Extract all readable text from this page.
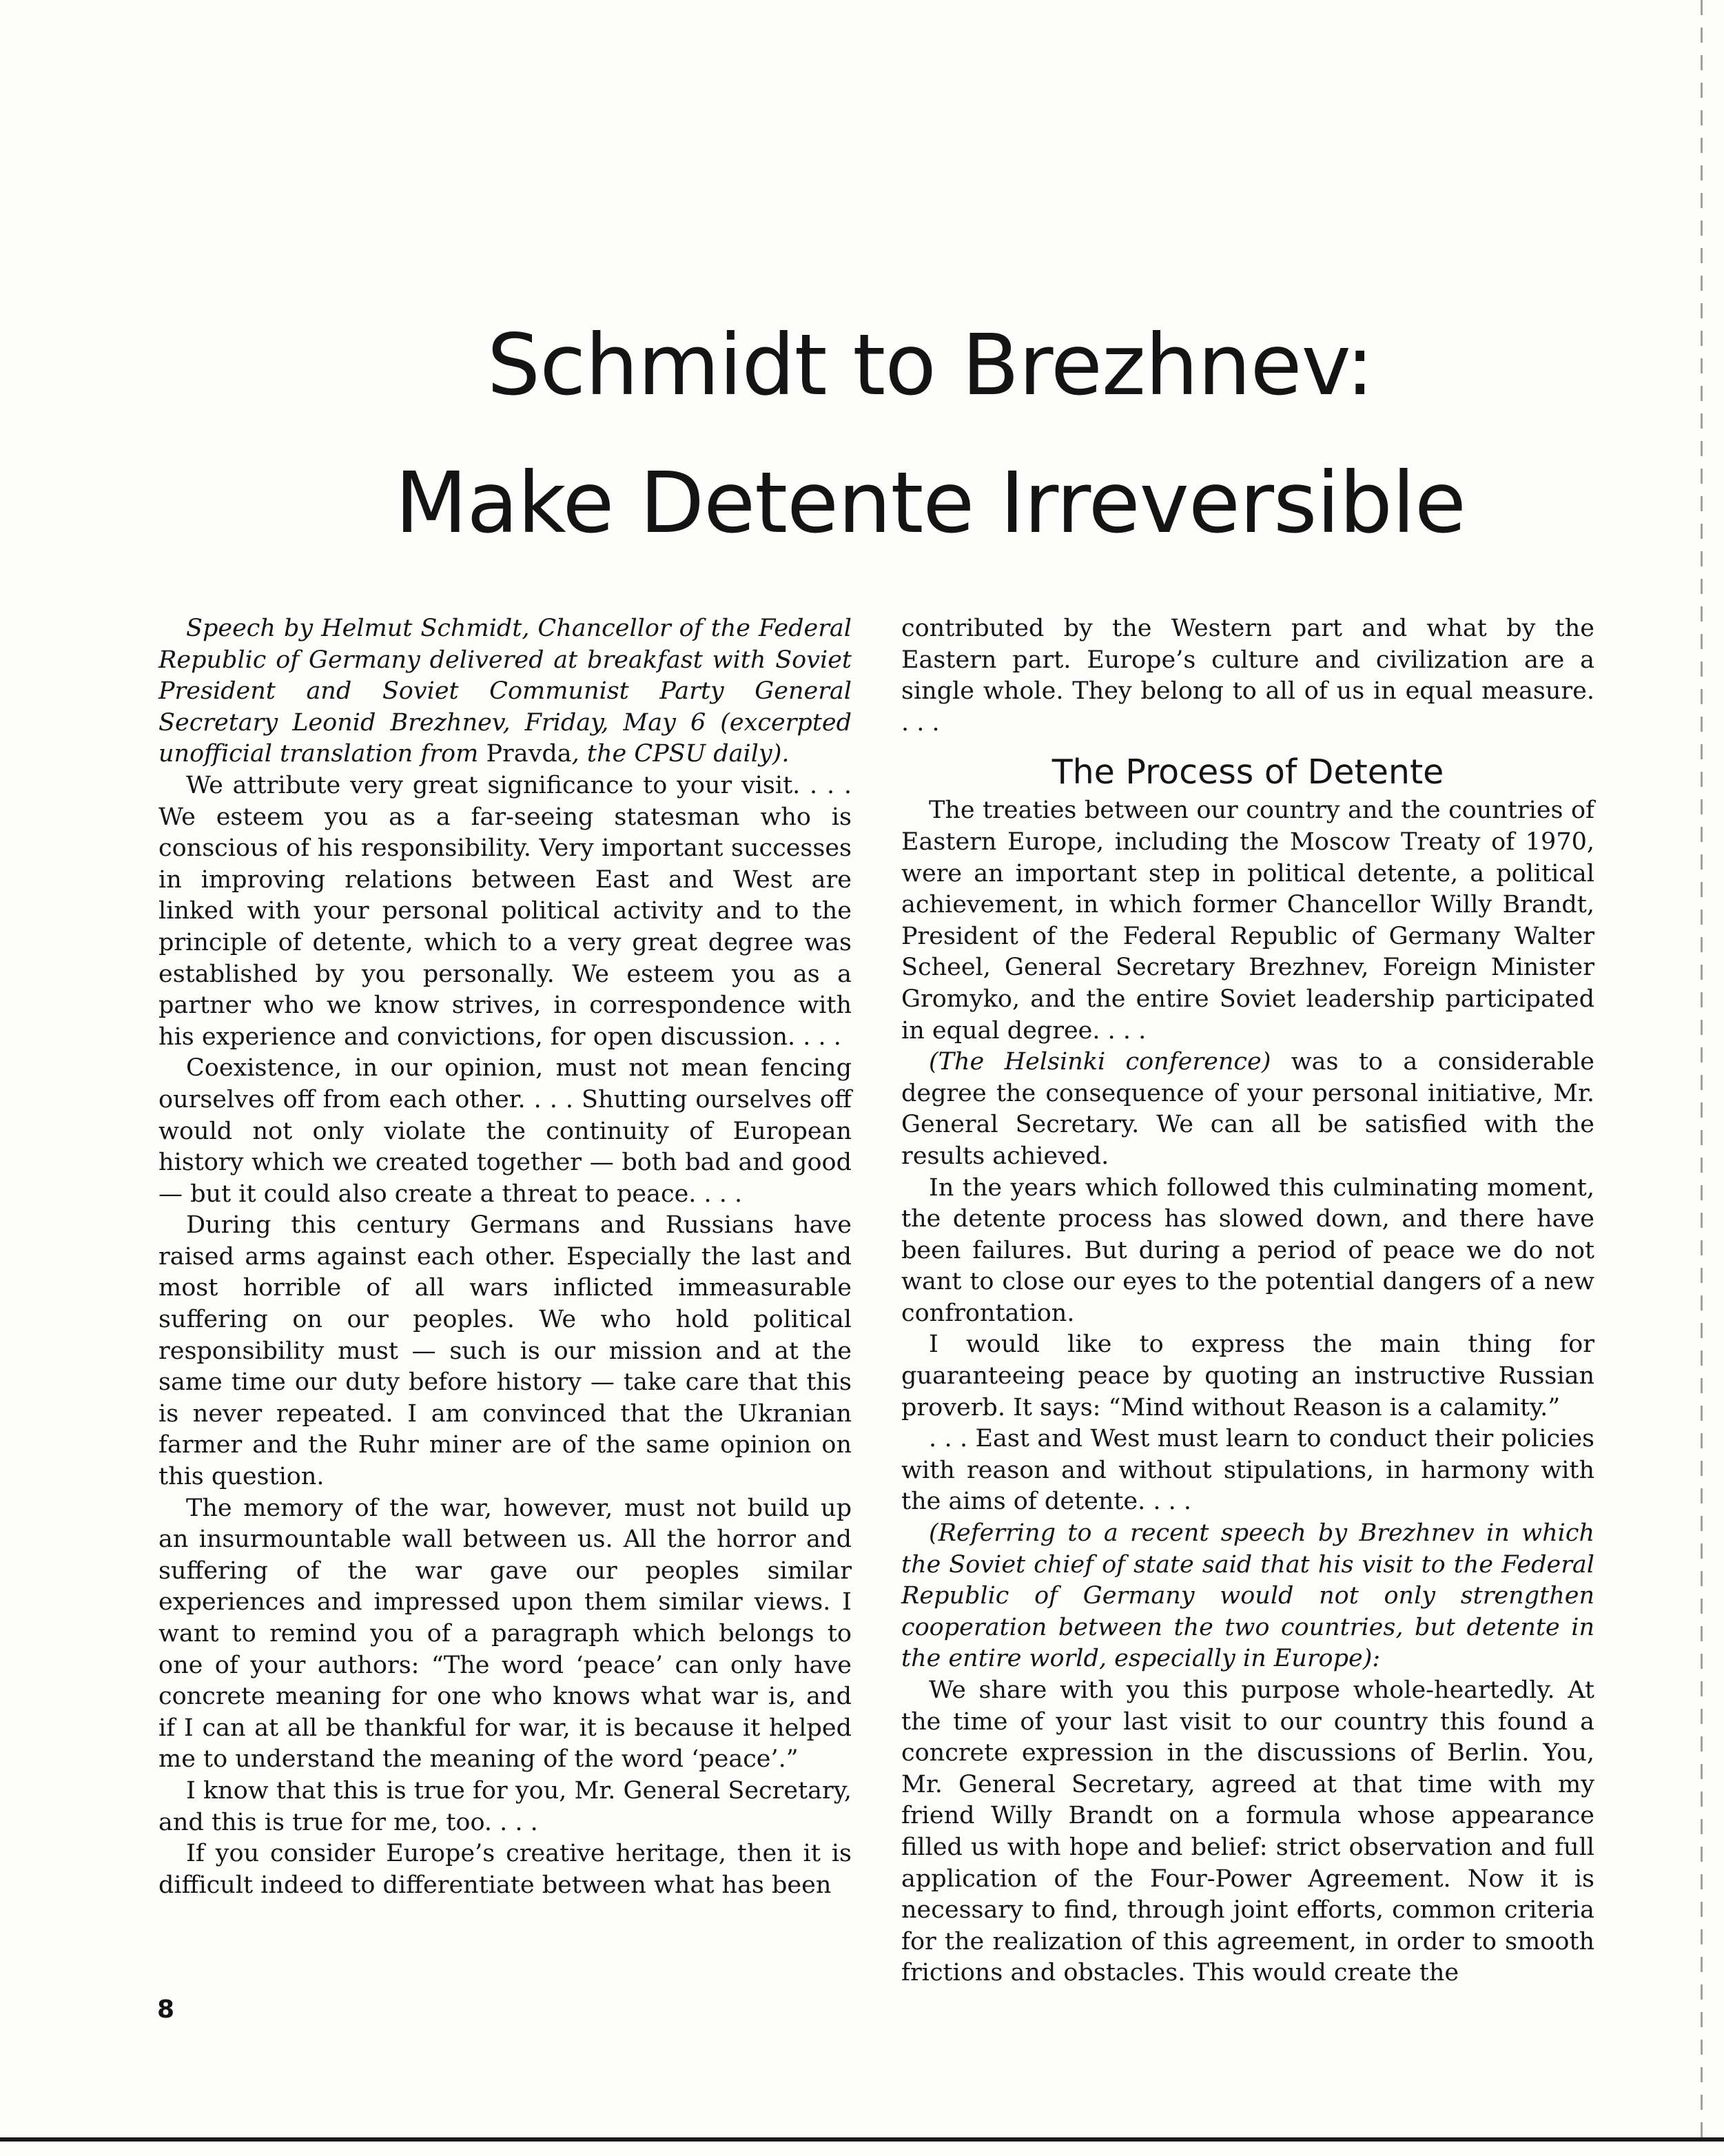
Schmidt to Brezhnev:
Make Detente Irreversible

Speech by Helmut Schmidt, Chancellor of the Federal Republic of Germany delivered at breakfast with Soviet President and Soviet Communist Party General Secretary Leonid Brezhnev, Friday, May 6 (excerpted unofficial translation from Pravda, the CPSU daily).

We attribute very great significance to your visit. . . . We esteem you as a far-seeing statesman who is conscious of his responsibility. Very important successes in improving relations between East and West are linked with your personal political activity and to the principle of detente, which to a very great degree was established by you personally. We esteem you as a partner who we know strives, in correspondence with his experience and convictions, for open discussion. . . .

Coexistence, in our opinion, must not mean fencing ourselves off from each other. . . . Shutting ourselves off would not only violate the continuity of European history which we created together — both bad and good — but it could also create a threat to peace. . . .

During this century Germans and Russians have raised arms against each other. Especially the last and most horrible of all wars inflicted immeasurable suffering on our peoples. We who hold political responsibility must — such is our mission and at the same time our duty before history — take care that this is never repeated. I am convinced that the Ukranian farmer and the Ruhr miner are of the same opinion on this question.

The memory of the war, however, must not build up an insurmountable wall between us. All the horror and suffering of the war gave our peoples similar experiences and impressed upon them similar views. I want to remind you of a paragraph which belongs to one of your authors: “The word ‘peace’ can only have concrete meaning for one who knows what war is, and if I can at all be thankful for war, it is because it helped me to understand the meaning of the word ‘peace’.”

I know that this is true for you, Mr. General Secretary, and this is true for me, too. . . .

If you consider Europe’s creative heritage, then it is difficult indeed to differentiate between what has been

contributed by the Western part and what by the Eastern part. Europe’s culture and civilization are a single whole. They belong to all of us in equal measure. . . .

The Process of Detente

The treaties between our country and the countries of Eastern Europe, including the Moscow Treaty of 1970, were an important step in political detente, a political achievement, in which former Chancellor Willy Brandt, President of the Federal Republic of Germany Walter Scheel, General Secretary Brezhnev, Foreign Minister Gromyko, and the entire Soviet leadership participated in equal degree. . . .

(The Helsinki conference) was to a considerable degree the consequence of your personal initiative, Mr. General Secretary. We can all be satisfied with the results achieved.

In the years which followed this culminating moment, the detente process has slowed down, and there have been failures. But during a period of peace we do not want to close our eyes to the potential dangers of a new confrontation.

I would like to express the main thing for guaranteeing peace by quoting an instructive Russian proverb. It says: “Mind without Reason is a calamity.”

. . . East and West must learn to conduct their policies with reason and without stipulations, in harmony with the aims of detente. . . .

(Referring to a recent speech by Brezhnev in which the Soviet chief of state said that his visit to the Federal Republic of Germany would not only strengthen cooperation between the two countries, but detente in the entire world, especially in Europe):

We share with you this purpose whole-heartedly. At the time of your last visit to our country this found a concrete expression in the discussions of Berlin. You, Mr. General Secretary, agreed at that time with my friend Willy Brandt on a formula whose appearance filled us with hope and belief: strict observation and full application of the Four-Power Agreement. Now it is necessary to find, through joint efforts, common criteria for the realization of this agreement, in order to smooth frictions and obstacles. This would create the

8
